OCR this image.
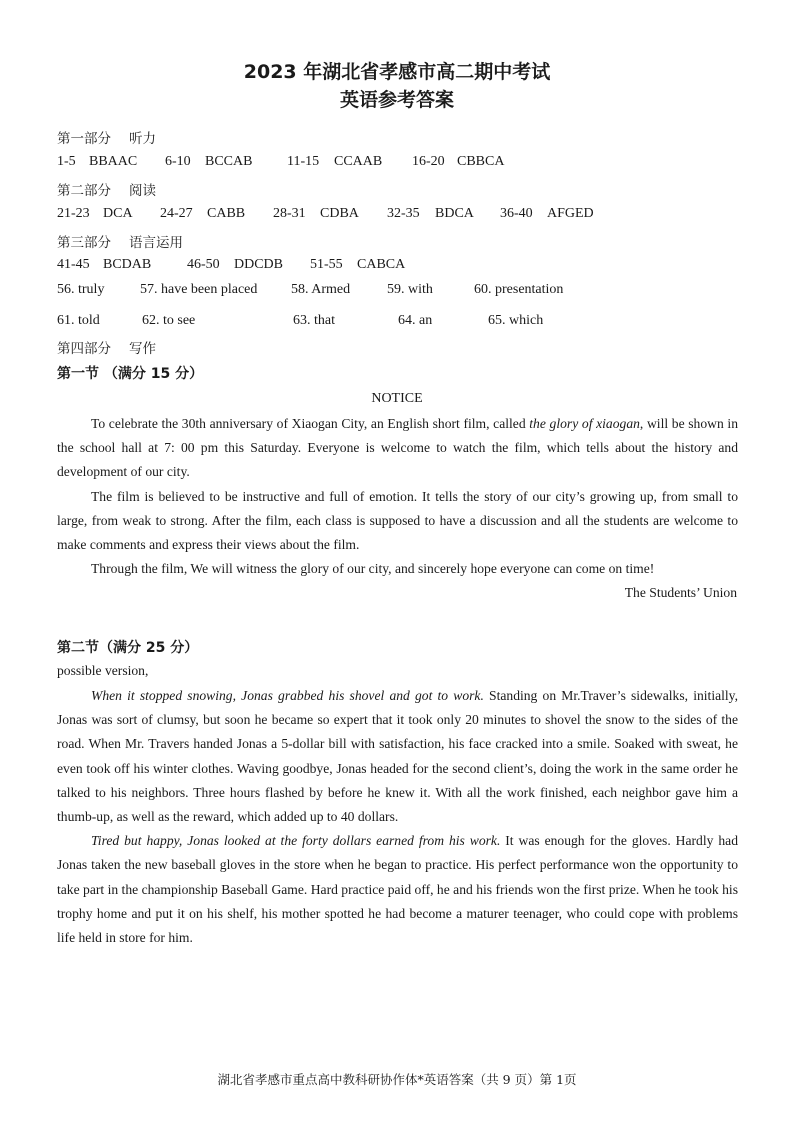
2023 年湖北省孝感市高二期中考试
英语参考答案
第一部分 听力
1-5 BBAAC 6-10 BCCAB 11-15 CCAAB 16-20 CBBCA
第二部分 阅读
21-23 DCA 24-27 CABB 28-31 CDBA 32-35 BDCA 36-40 AFGED
第三部分 语言运用
41-45 BCDAB	46-50 DDCDB 51-55 CABCA
56. truly	57. have been placed 58. Armed	59. with	60. presentation
61. told	62. to see	63. that	64. an	65. which
第四部分 写作
第一节 （满分 15 分）
NOTICE

To celebrate the 30th anniversary of Xiaogan City, an English short film, called the glory of xiaogan, will be shown in the school hall at 7: 00 pm this Saturday. Everyone is welcome to watch the film, which tells about the history and development of our city.

The film is believed to be instructive and full of emotion. It tells the story of our city’s growing up, from small to large, from weak to strong. After the film, each class is supposed to have a discussion and all the students are welcome to make comments and express their views about the film.

Through the film, We will witness the glory of our city, and sincerely hope everyone can come on time!

The Students’ Union
第二节（满分 25 分）
possible version,

When it stopped snowing, Jonas grabbed his shovel and got to work. Standing on Mr.Traver’s sidewalks, initially, Jonas was sort of clumsy, but soon he became so expert that it took only 20 minutes to shovel the snow to the sides of the road. When Mr. Travers handed Jonas a 5-dollar bill with satisfaction, his face cracked into a smile. Soaked with sweat, he even took off his winter clothes. Waving goodbye, Jonas headed for the second client’s, doing the work in the same order he talked to his neighbors. Three hours flashed by before he knew it. With all the work finished, each neighbor gave him a thumb-up, as well as the reward, which added up to 40 dollars.

Tired but happy, Jonas looked at the forty dollars earned from his work. It was enough for the gloves. Hardly had Jonas taken the new baseball gloves in the store when he began to practice. His perfect performance won the opportunity to take part in the championship Baseball Game. Hard practice paid off, he and his friends won the first prize. When he took his trophy home and put it on his shelf, his mother spotted he had become a maturer teenager, who could cope with problems life held in store for him.

湖北省孝感市重点高中教科研协作体*英语答案（共 9 页）第 1页
